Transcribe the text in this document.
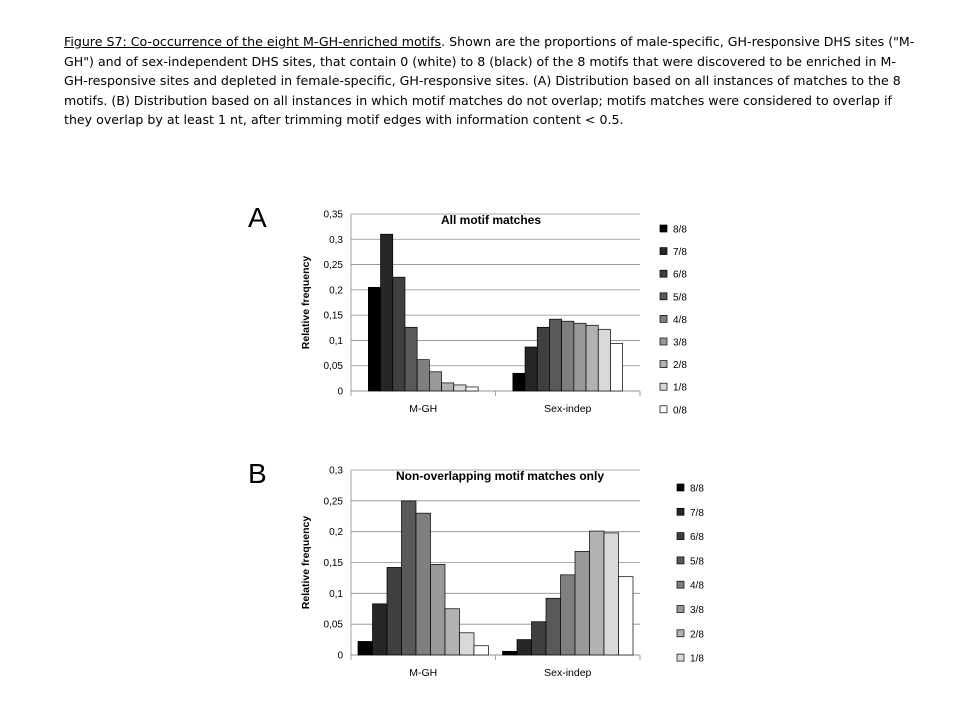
Figure S7: Co-occurrence of the eight M-GH-enriched motifs. Shown are the proportions of male-specific, GH-responsive DHS sites ("M-GH") and of sex-independent DHS sites, that contain 0 (white) to 8 (black) of the 8 motifs that were discovered to be enriched in M-GH-responsive sites and depleted in female-specific, GH-responsive sites. (A) Distribution based on all instances of matches to the 8 motifs. (B) Distribution based on all instances in which motif matches do not overlap; motifs matches were considered to overlap if they overlap by at least 1 nt, after trimming motif edges with information content < 0.5.

A
B
0
0,05
0,1
0,15
0,2
0,25
0,3
0,35
M-GH	Sex-indep
All motif matches
Relative frequency
8/8
7/8
6/8
5/8
4/8
3/8
2/8
1/8
0/8
0
0,05
0,1
0,15
0,2
0,25
0,3
M-GH	Sex-indep
Non-overlapping motif matches only
Relative frequency
8/8
7/8
6/8
5/8
4/8
3/8
2/8
1/8
